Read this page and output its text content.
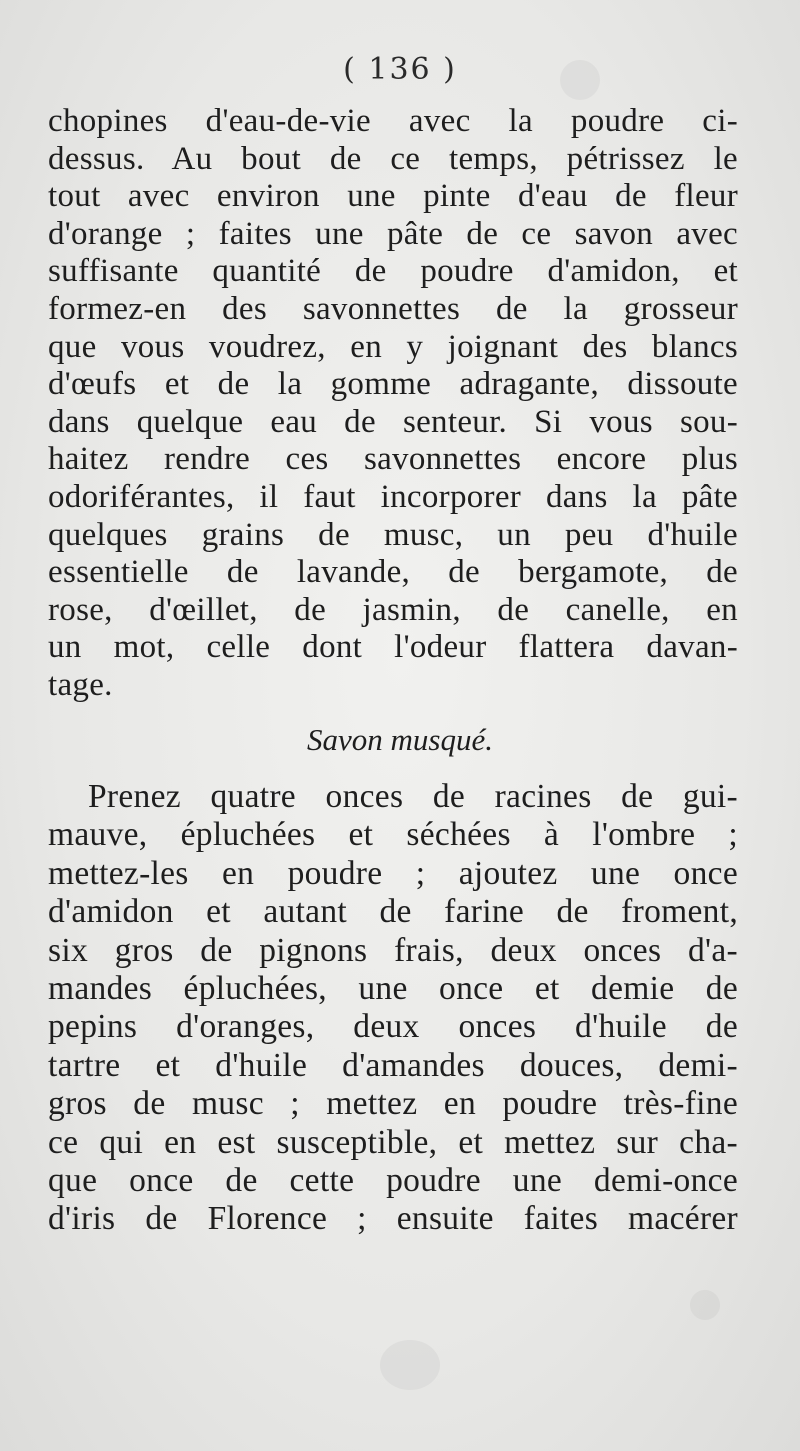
( 136 )
chopines d'eau-de-vie avec la poudre ci-
dessus. Au bout de ce temps, pétrissez le
tout avec environ une pinte d'eau de fleur
d'orange ; faites une pâte de ce savon avec
suffisante quantité de poudre d'amidon, et
formez-en des savonnettes de la grosseur
que vous voudrez, en y joignant des blancs
d'œufs et de la gomme adragante, dissoute
dans quelque eau de senteur. Si vous sou-
haitez rendre ces savonnettes encore plus
odoriférantes, il faut incorporer dans la pâte
quelques grains de musc, un peu d'huile
essentielle de lavande, de bergamote, de
rose, d'œillet, de jasmin, de canelle, en
un mot, celle dont l'odeur flattera davan-
tage.
Savon musqué.
Prenez quatre onces de racines de gui-
mauve, épluchées et séchées à l'ombre ;
mettez-les en poudre ; ajoutez une once
d'amidon et autant de farine de froment,
six gros de pignons frais, deux onces d'a-
mandes épluchées, une once et demie de
pepins d'oranges, deux onces d'huile de
tartre et d'huile d'amandes douces, demi-
gros de musc ; mettez en poudre très-fine
ce qui en est susceptible, et mettez sur cha-
que once de cette poudre une demi-once
d'iris de Florence ; ensuite faites macérer
